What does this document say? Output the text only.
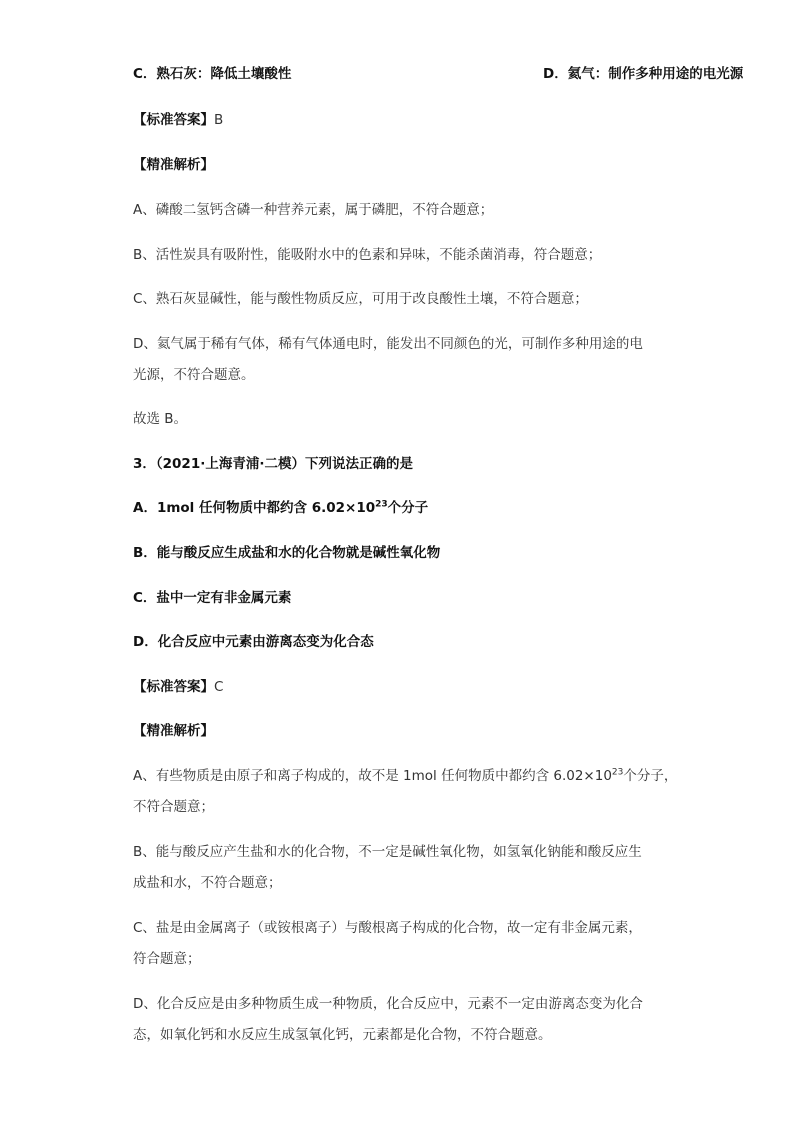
C．熟石灰：降低土壤酸性	D．氦气：制作多种用途的电光源
【标准答案】B
【精准解析】
A、磷酸二氢钙含磷一种营养元素，属于磷肥，不符合题意；
B、活性炭具有吸附性，能吸附水中的色素和异味，不能杀菌消毒，符合题意；
C、熟石灰显碱性，能与酸性物质反应，可用于改良酸性土壤，不符合题意；
D、氦气属于稀有气体，稀有气体通电时，能发出不同颜色的光，可制作多种用途的电
光源，不符合题意。
故选 B。
3．（2021·上海青浦·二模）下列说法正确的是
A．1mol 任何物质中都约含 $6.02\times 10^{23}$个分子
B．能与酸反应生成盐和水的化合物就是碱性氧化物
C．盐中一定有非金属元素
D．化合反应中元素由游离态变为化合态
【标准答案】C
【精准解析】
A、有些物质是由原子和离子构成的，故不是 1mol 任何物质中都约含 $6.02\times 10^{23}$个分子，
不符合题意；
B、能与酸反应产生盐和水的化合物，不一定是碱性氧化物，如氢氧化钠能和酸反应生
成盐和水，不符合题意；
C、盐是由金属离子（或铵根离子）与酸根离子构成的化合物，故一定有非金属元素，
符合题意；
D、化合反应是由多种物质生成一种物质，化合反应中，元素不一定由游离态变为化合
态，如氧化钙和水反应生成氢氧化钙，元素都是化合物，不符合题意。
